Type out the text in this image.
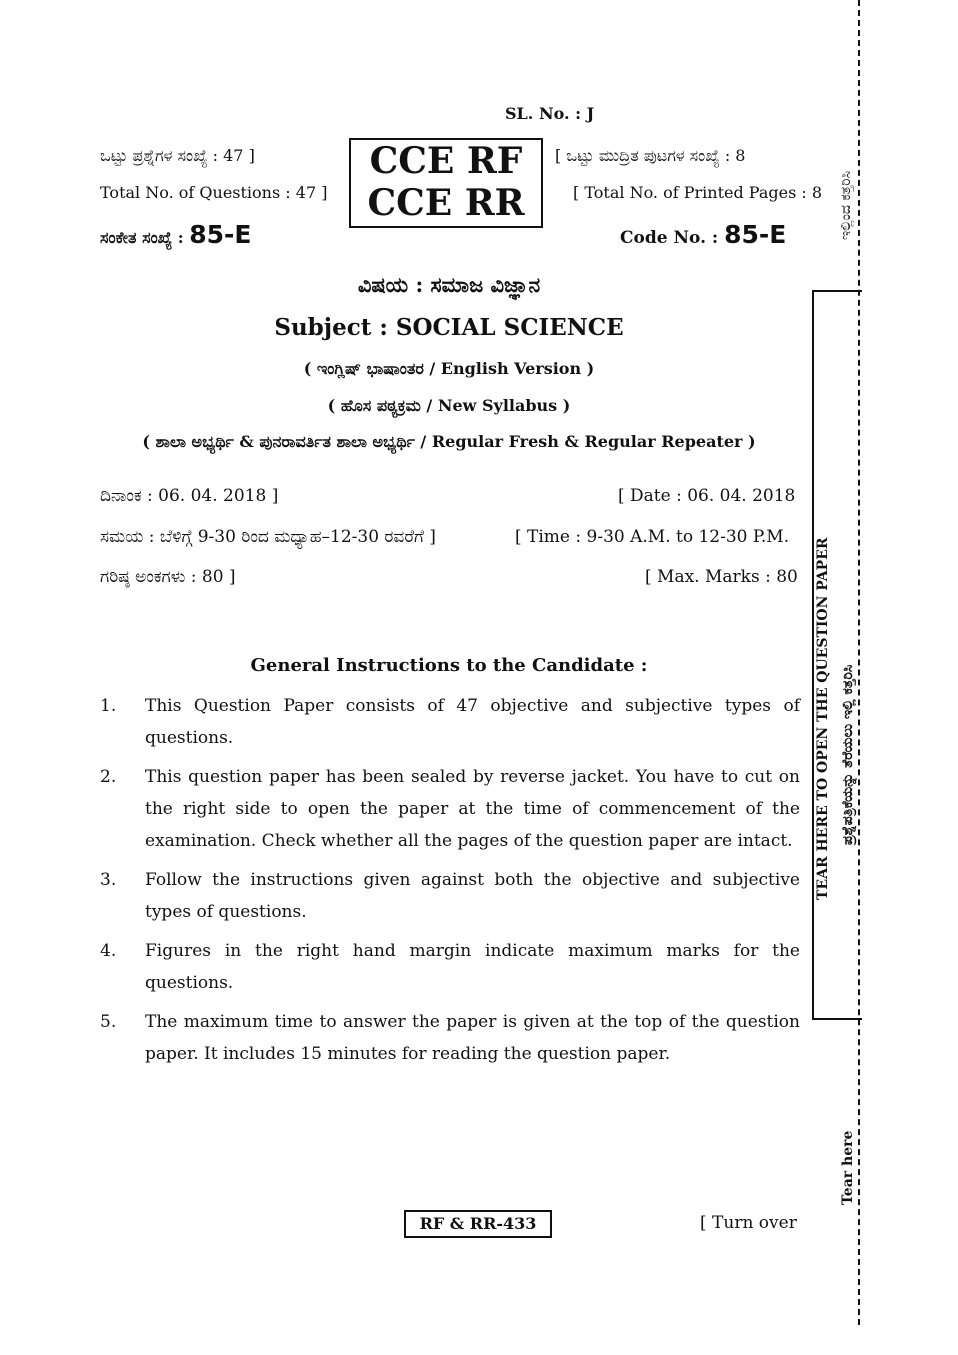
SL. No. : J
ಒಟ್ಟು ಪ್ರಶ್ನೆಗಳ ಸಂಖ್ಯೆ : 47 ]
Total No. of Questions : 47 ]
ಸಂಕೇತ ಸಂಖ್ಯೆ : 85-E
CCE RF
CCE RR
[ ಒಟ್ಟು ಮುದ್ರಿತ ಪುಟಗಳ ಸಂಖ್ಯೆ : 8
[ Total No. of Printed Pages : 8
Code No. : 85-E
ವಿಷಯ : ಸಮಾಜ ವಿಜ್ಞಾನ
Subject : SOCIAL SCIENCE
( ಇಂಗ್ಲಿಷ್ ಭಾಷಾಂತರ / English Version )
( ಹೊಸ ಪಠ್ಯಕ್ರಮ / New Syllabus )
( ಶಾಲಾ ಅಭ್ಯರ್ಥಿ & ಪುನರಾವರ್ತಿತ ಶಾಲಾ ಅಭ್ಯರ್ಥಿ / Regular Fresh & Regular Repeater )
ದಿನಾಂಕ : 06. 04. 2018 ]	[ Date : 06. 04. 2018
ಸಮಯ : ಬೆಳಿಗ್ಗೆ 9-30 ರಿಂದ ಮಧ್ಯಾಹ–12-30 ರವರೆಗೆ ]	[ Time : 9-30 A.M. to 12-30 P.M.
ಗರಿಷ್ಠ ಅಂಕಗಳು : 80 ]	[ Max. Marks : 80
General Instructions to the Candidate :
1.	This Question Paper consists of 47 objective and subjective types of questions.
2.	This question paper has been sealed by reverse jacket. You have to cut on the right side to open the paper at the time of commencement of the examination. Check whether all the pages of the question paper are intact.
3.	Follow the instructions given against both the objective and subjective types of questions.
4.	Figures in the right hand margin indicate maximum marks for the questions.
5.	The maximum time to answer the paper is given at the top of the question paper. It includes 15 minutes for reading the question paper.
RF & RR-433	[ Turn over
TEAR HERE TO OPEN THE QUESTION PAPER ಪ್ರಶ್ನೆಪತ್ರಿಕೆಯನ್ನು ತೆರೆಯಲು ಇಲ್ಲಿ ಕತ್ತರಿಸಿ
ಇಲ್ಲಿಂದ ಕತ್ತರಿಸಿ
Tear here
